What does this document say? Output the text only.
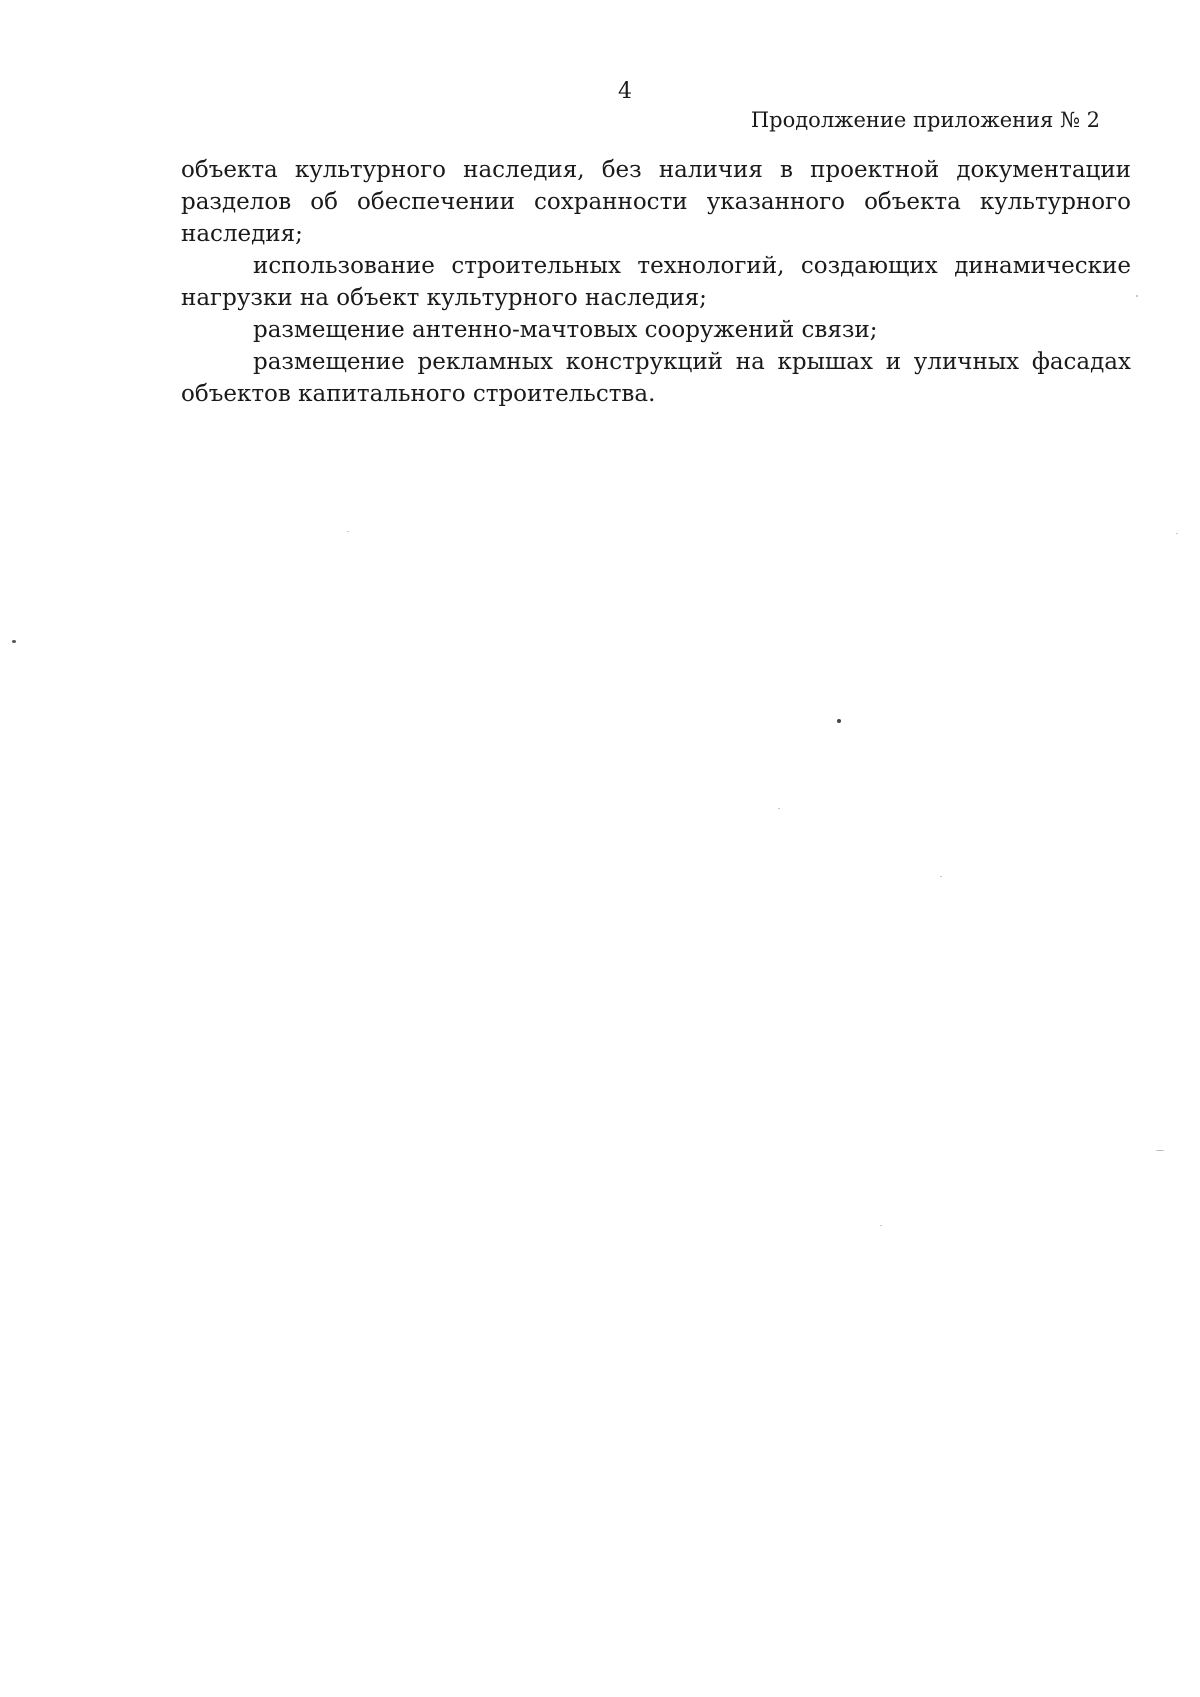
4
Продолжение приложения № 2

объекта культурного наследия, без наличия в проектной документации разделов об обеспечении сохранности указанного объекта культурного наследия;

использование строительных технологий, создающих динамические нагрузки на объект культурного наследия;

размещение антенно-мачтовых сооружений связи;

размещение рекламных конструкций на крышах и уличных фасадах объектов капитального строительства.
